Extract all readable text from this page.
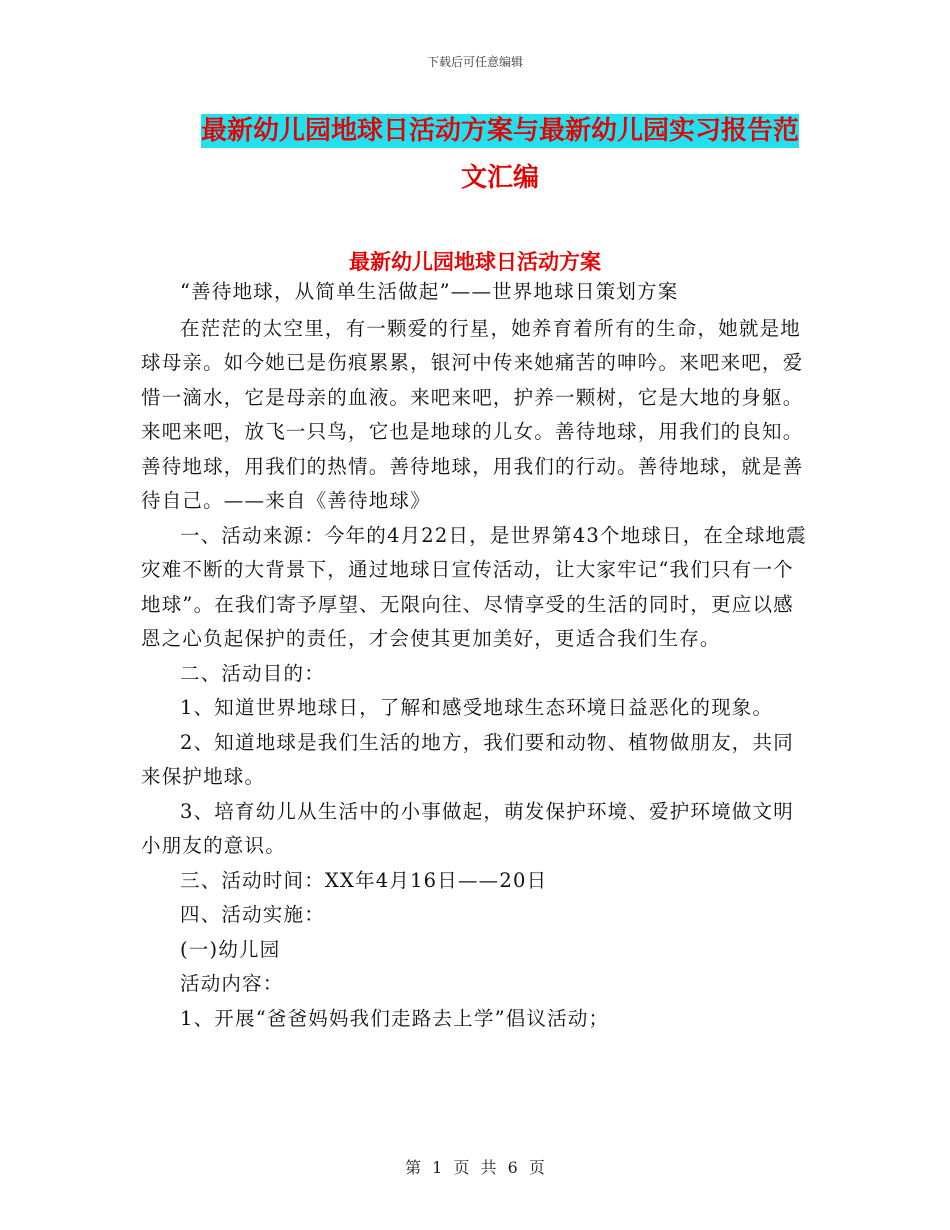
下载后可任意编辑
最新幼儿园地球日活动方案与最新幼儿园实习报告范
文汇编
最新幼儿园地球日活动方案

“善待地球，从简单生活做起”——世界地球日策划方案

在茫茫的太空里，有一颗爱的行星，她养育着所有的生命，她就是地球母亲。如今她已是伤痕累累，银河中传来她痛苦的呻吟。来吧来吧，爱惜一滴水，它是母亲的血液。来吧来吧，护养一颗树，它是大地的身躯。来吧来吧，放飞一只鸟，它也是地球的儿女。善待地球，用我们的良知。善待地球，用我们的热情。善待地球，用我们的行动。善待地球，就是善待自己。——来自《善待地球》

一、活动来源：今年的4月22日，是世界第43个地球日，在全球地震灾难不断的大背景下，通过地球日宣传活动，让大家牢记“我们只有一个地球”。在我们寄予厚望、无限向往、尽情享受的生活的同时，更应以感恩之心负起保护的责任，才会使其更加美好，更适合我们生存。

二、活动目的：

1、知道世界地球日，了解和感受地球生态环境日益恶化的现象。

2、知道地球是我们生活的地方，我们要和动物、植物做朋友，共同来保护地球。

3、培育幼儿从生活中的小事做起，萌发保护环境、爱护环境做文明小朋友的意识。

三、活动时间：XX年4月16日——20日

四、活动实施：

(一)幼儿园

活动内容：

1、开展“爸爸妈妈我们走路去上学”倡议活动；

第 1 页 共 6 页
